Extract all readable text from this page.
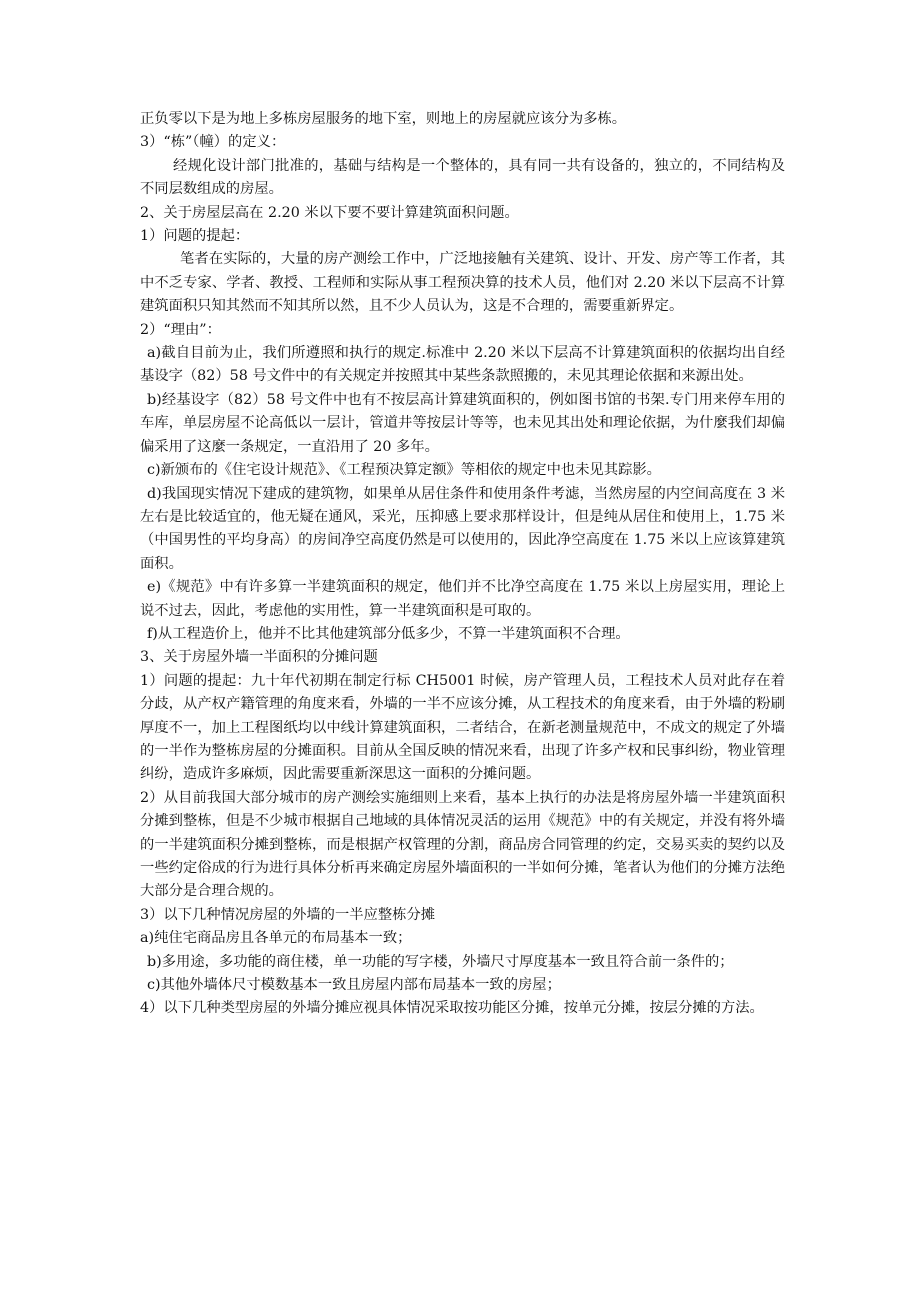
正负零以下是为地上多栋房屋服务的地下室，则地上的房屋就应该分为多栋。

3）“栋”（幢）的定义：

经规化设计部门批准的，基础与结构是一个整体的，具有同一共有设备的，独立的，不同结构及不同层数组成的房屋。

2、关于房屋层高在 2.20 米以下要不要计算建筑面积问题。

1）问题的提起：

笔者在实际的，大量的房产测绘工作中，广泛地接触有关建筑、设计、开发、房产等工作者，其中不乏专家、学者、教授、工程师和实际从事工程预决算的技术人员，他们对 2.20 米以下层高不计算建筑面积只知其然而不知其所以然，且不少人员认为，这是不合理的，需要重新界定。

2）“理由”：

a)截自目前为止，我们所遵照和执行的规定.标准中 2.20 米以下层高不计算建筑面积的依据均出自经基设字（82）58 号文件中的有关规定并按照其中某些条款照搬的，未见其理论依据和来源出处。

b)经基设字（82）58 号文件中也有不按层高计算建筑面积的，例如图书馆的书架.专门用来停车用的车库，单层房屋不论高低以一层计，管道井等按层计等等，也未见其出处和理论依据，为什麼我们却偏偏采用了这麼一条规定，一直沿用了 20 多年。

c)新颁布的《住宅设计规范》、《工程预决算定额》等相依的规定中也未见其踪影。

d)我国现实情况下建成的建筑物，如果单从居住条件和使用条件考滤，当然房屋的内空间高度在 3 米左右是比较适宜的，他无疑在通风，采光，压抑感上要求那样设计，但是纯从居住和使用上，1.75 米（中国男性的平均身高）的房间净空高度仍然是可以使用的，因此净空高度在 1.75 米以上应该算建筑面积。

e)《规范》中有许多算一半建筑面积的规定，他们并不比净空高度在 1.75 米以上房屋实用，理论上说不过去，因此，考虑他的实用性，算一半建筑面积是可取的。

f)从工程造价上，他并不比其他建筑部分低多少，不算一半建筑面积不合理。

3、关于房屋外墙一半面积的分摊问题

1）问题的提起：九十年代初期在制定行标 CH5001 时候，房产管理人员，工程技术人员对此存在着分歧，从产权产籍管理的角度来看，外墙的一半不应该分摊，从工程技术的角度来看，由于外墙的粉刷厚度不一，加上工程图纸均以中线计算建筑面积，二者结合，在新老测量规范中，不成文的规定了外墙的一半作为整栋房屋的分摊面积。目前从全国反映的情况来看，出现了许多产权和民事纠纷，物业管理纠纷，造成许多麻烦，因此需要重新深思这一面积的分摊问题。

2）从目前我国大部分城市的房产测绘实施细则上来看，基本上执行的办法是将房屋外墙一半建筑面积分摊到整栋，但是不少城市根据自己地域的具体情况灵活的运用《规范》中的有关规定，并没有将外墙的一半建筑面积分摊到整栋，而是根据产权管理的分割，商品房合同管理的约定，交易买卖的契约以及一些约定俗成的行为进行具体分析再来确定房屋外墙面积的一半如何分摊，笔者认为他们的分摊方法绝大部分是合理合规的。

3）以下几种情况房屋的外墙的一半应整栋分摊

a)纯住宅商品房且各单元的布局基本一致；

b)多用途，多功能的商住楼，单一功能的写字楼，外墙尺寸厚度基本一致且符合前一条件的；

c)其他外墙体尺寸模数基本一致且房屋内部布局基本一致的房屋；

4）以下几种类型房屋的外墙分摊应视具体情况采取按功能区分摊，按单元分摊，按层分摊的方法。
